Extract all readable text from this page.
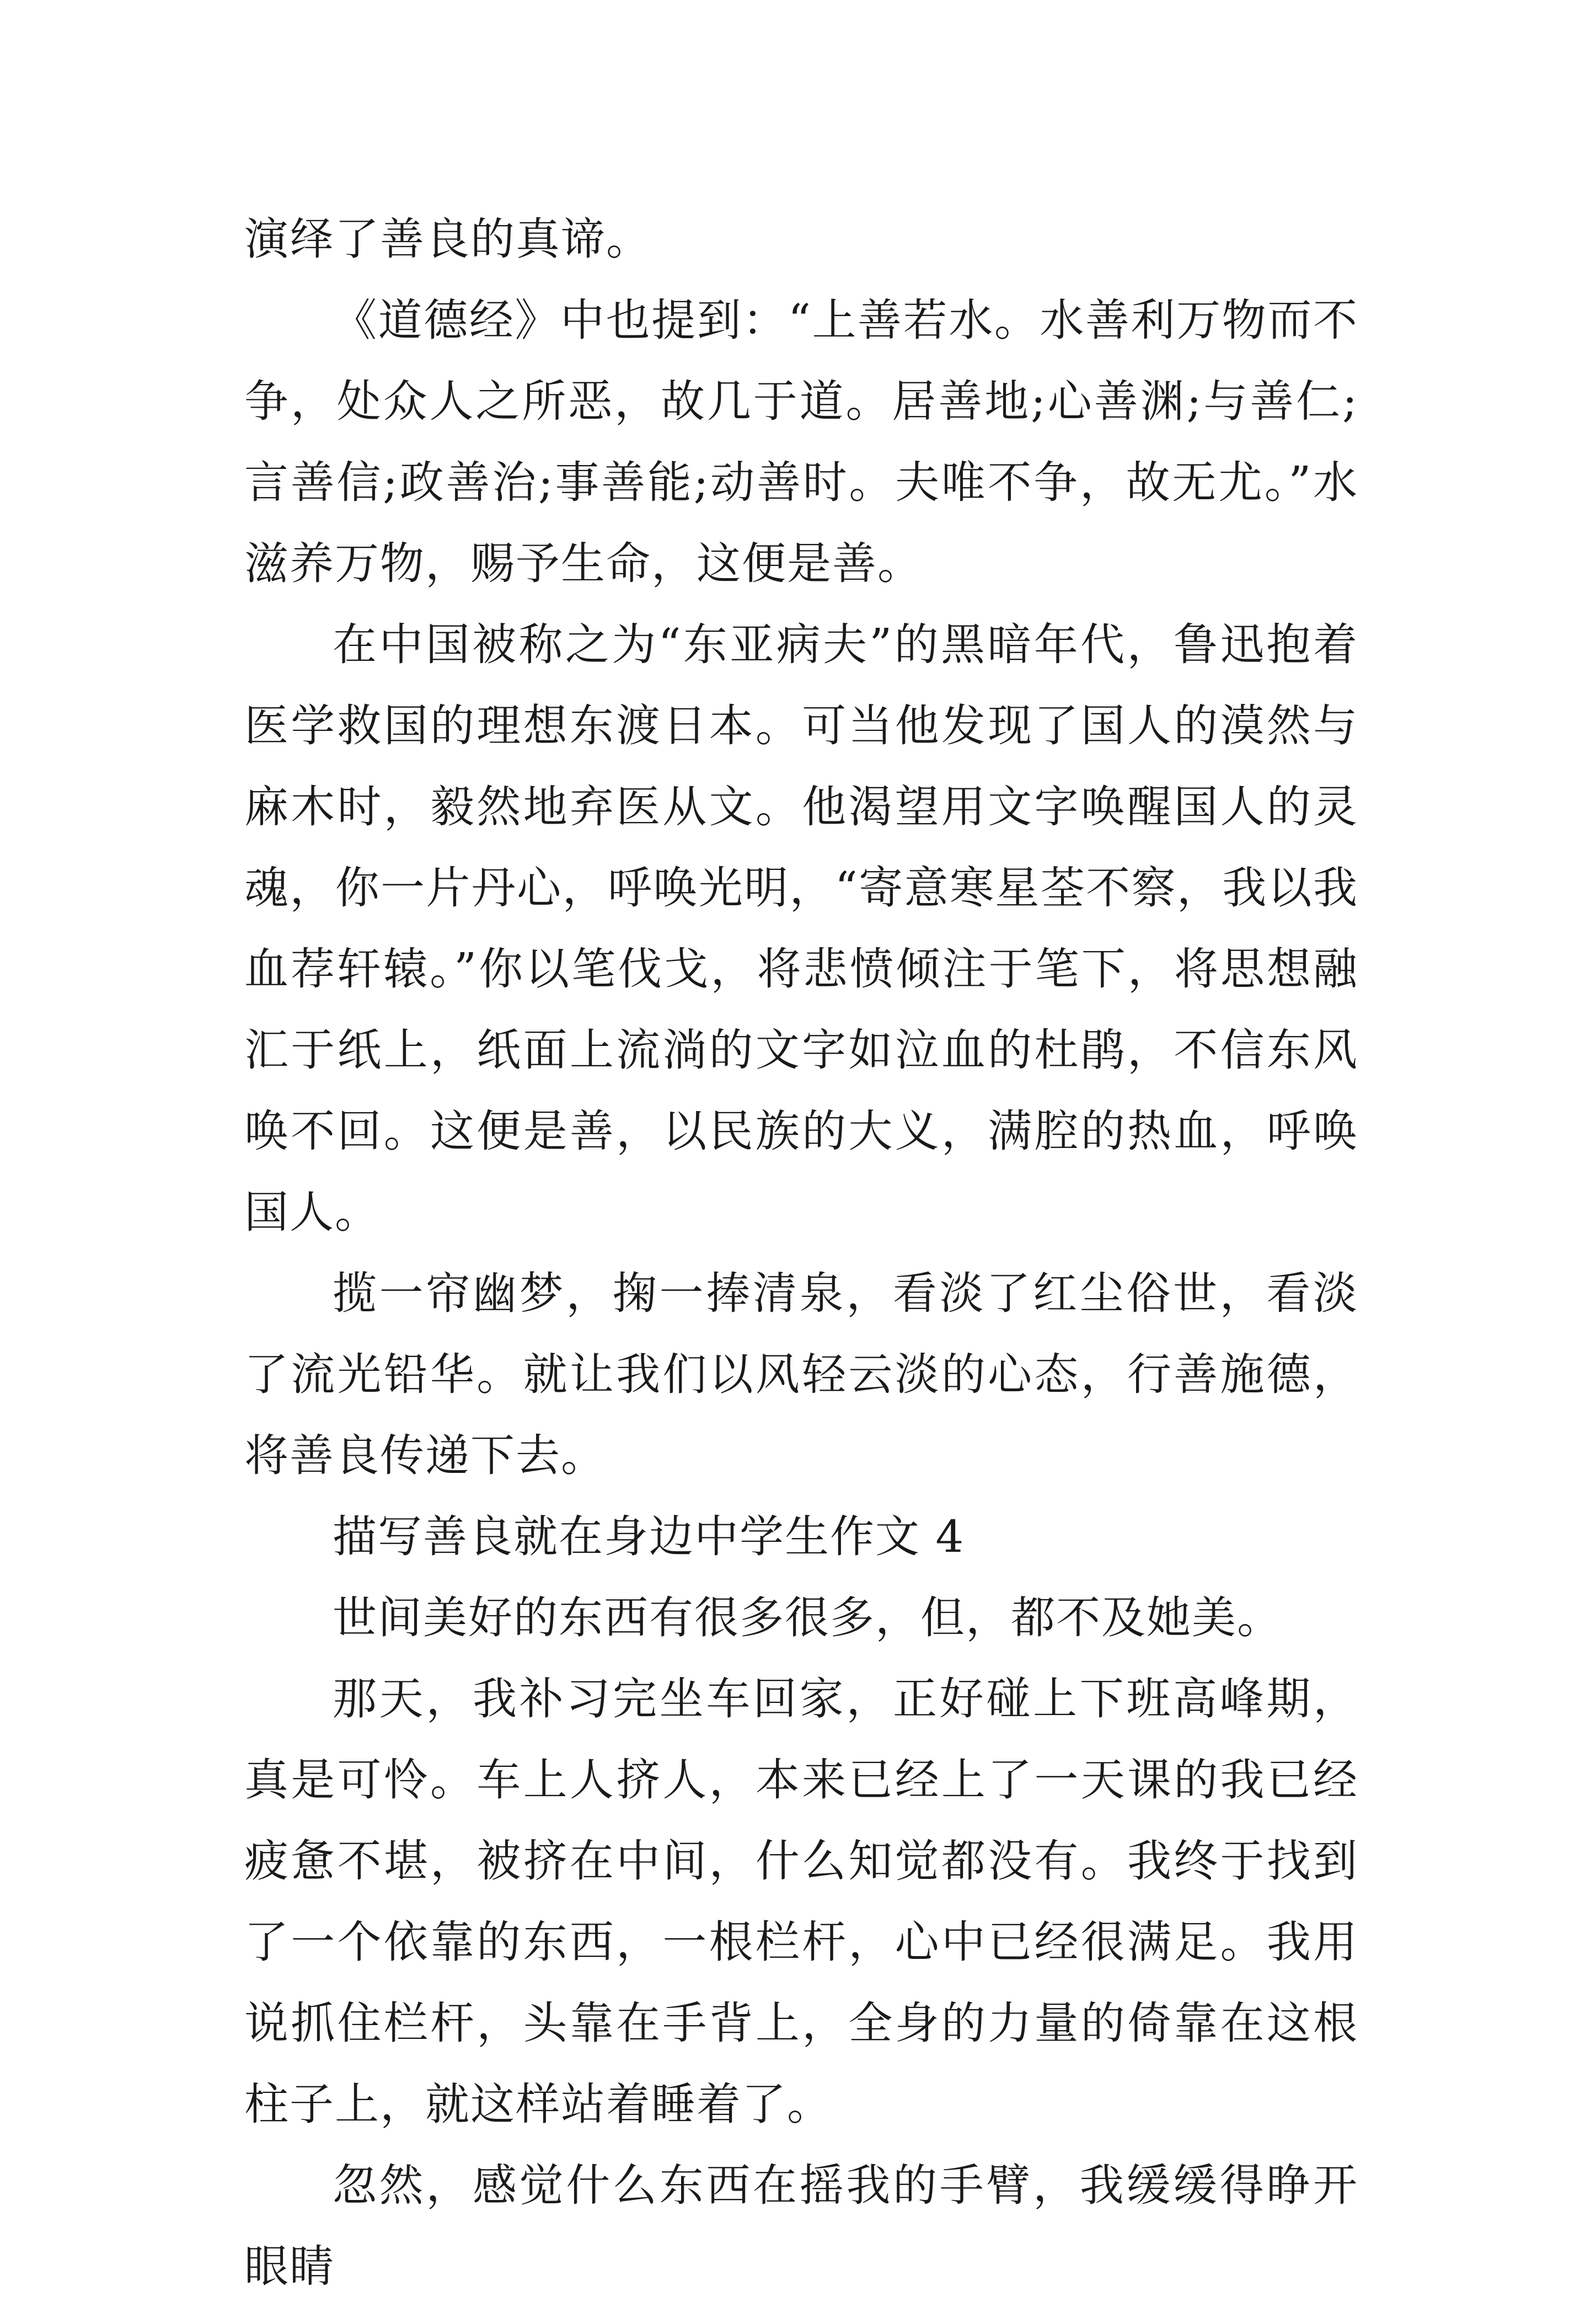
演绎了善良的真谛。

《道德经》中也提到：“上善若水。水善利万物而不争，处众人之所恶，故几于道。居善地;心善渊;与善仁;言善信;政善治;事善能;动善时。夫唯不争，故无尤。”水滋养万物，赐予生命，这便是善。

在中国被称之为“东亚病夫”的黑暗年代，鲁迅抱着医学救国的理想东渡日本。可当他发现了国人的漠然与麻木时，毅然地弃医从文。他渴望用文字唤醒国人的灵魂，你一片丹心，呼唤光明，“寄意寒星荃不察，我以我血荐轩辕。”你以笔伐戈，将悲愤倾注于笔下，将思想融汇于纸上，纸面上流淌的文字如泣血的杜鹃，不信东风唤不回。这便是善，以民族的大义，满腔的热血，呼唤国人。

揽一帘幽梦，掬一捧清泉，看淡了红尘俗世，看淡了流光铅华。就让我们以风轻云淡的心态，行善施德，将善良传递下去。

描写善良就在身边中学生作文 4

世间美好的东西有很多很多，但，都不及她美。

那天，我补习完坐车回家，正好碰上下班高峰期，真是可怜。车上人挤人，本来已经上了一天课的我已经疲惫不堪，被挤在中间，什么知觉都没有。我终于找到了一个依靠的东西，一根栏杆，心中已经很满足。我用说抓住栏杆，头靠在手背上，全身的力量的倚靠在这根柱子上，就这样站着睡着了。

忽然，感觉什么东西在摇我的手臂，我缓缓得睁开眼睛
